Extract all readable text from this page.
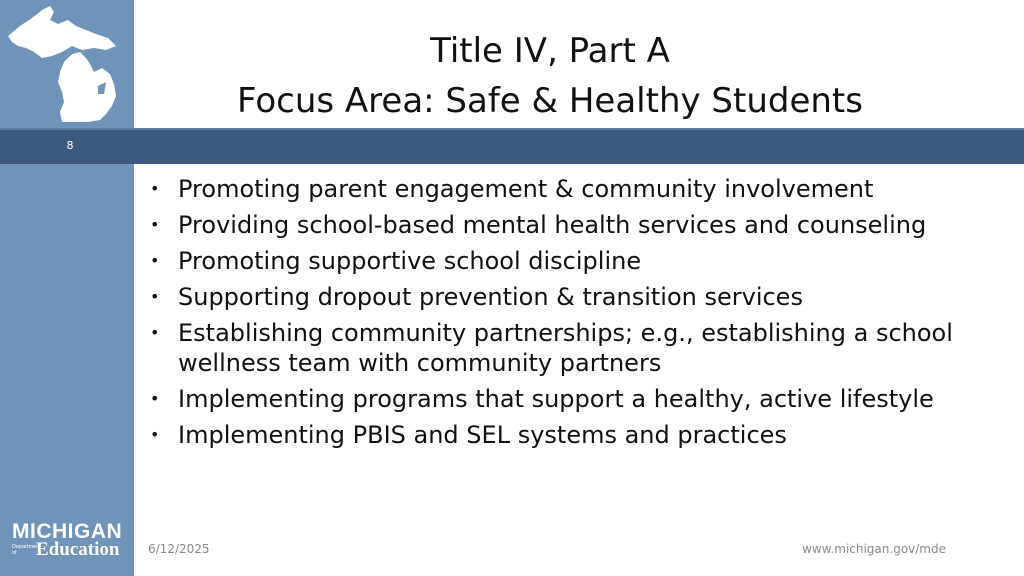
MICHIGAN
Department
of	Education
8
Title IV, Part A
Focus Area: Safe & Healthy Students
• Promoting parent engagement & community involvement
• Providing school-based mental health services and counseling
• Promoting supportive school discipline
• Supporting dropout prevention & transition services
• Establishing community partnerships; e.g., establishing a school wellness team with community partners
• Implementing programs that support a healthy, active lifestyle
• Implementing PBIS and SEL systems and practices
6/12/2025	www.michigan.gov/mde
